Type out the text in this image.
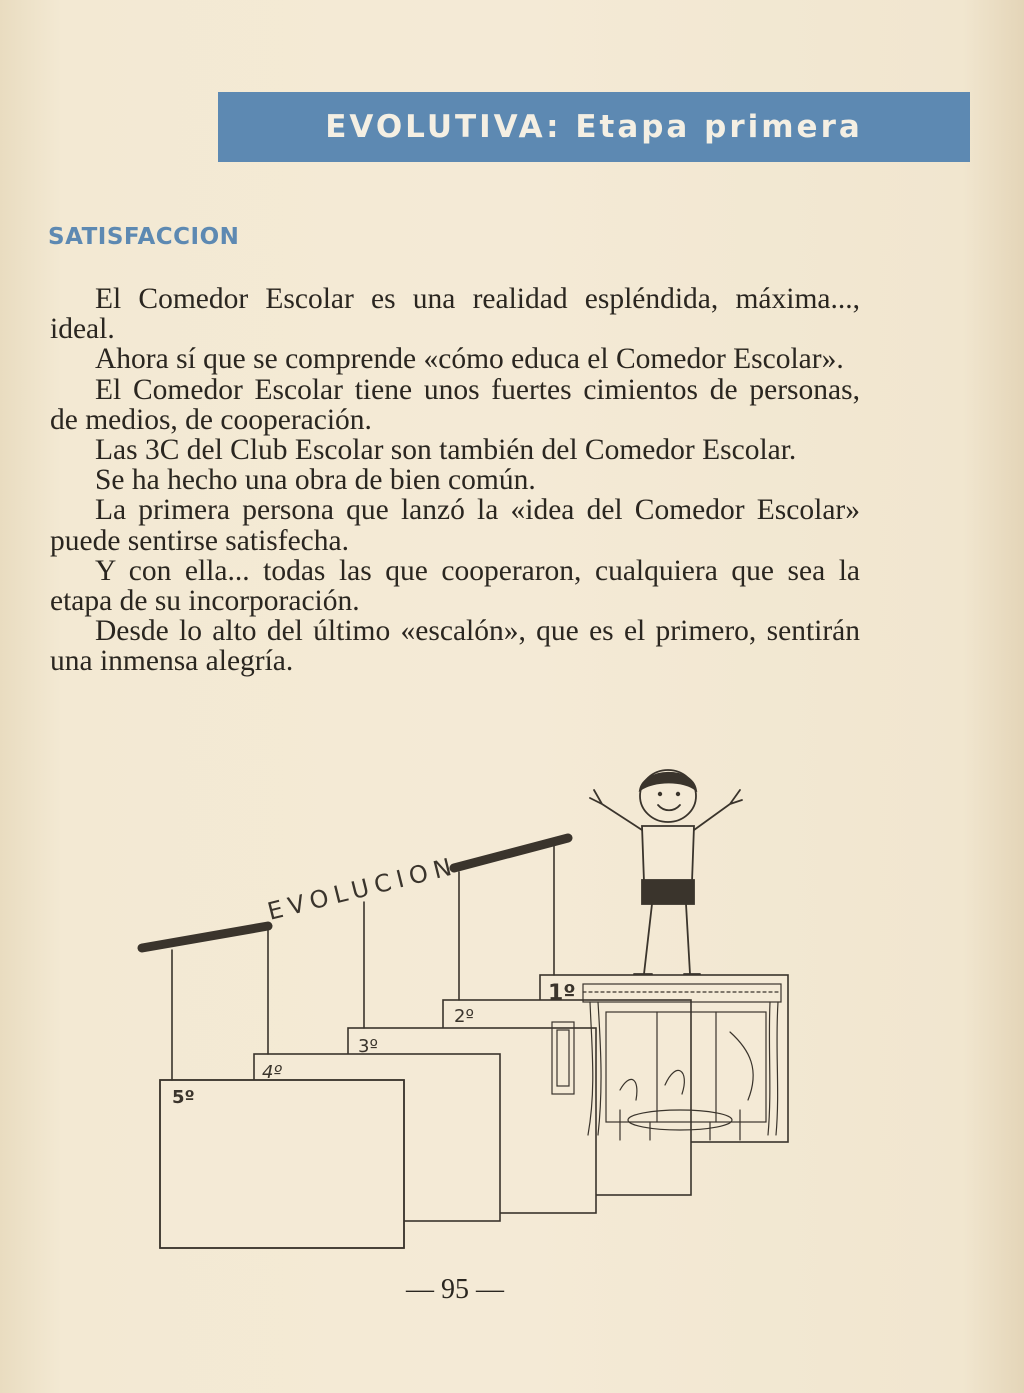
EVOLUTIVA: Etapa primera
SATISFACCION

El Comedor Escolar es una realidad espléndida, máxima..., ideal.

Ahora sí que se comprende «cómo educa el Comedor Escolar».

El Comedor Escolar tiene unos fuertes cimientos de personas, de medios, de cooperación.

Las 3C del Club Escolar son también del Comedor Escolar.

Se ha hecho una obra de bien común.

La primera persona que lanzó la «idea del Comedor Escolar» puede sentirse satisfecha.

Y con ella... todas las que cooperaron, cualquiera que sea la etapa de su incorporación.

Desde lo alto del último «escalón», que es el primero, sentirán una inmensa alegría.

5º
4º
3º
2º
1º
EVOLUCION
— 95 —
